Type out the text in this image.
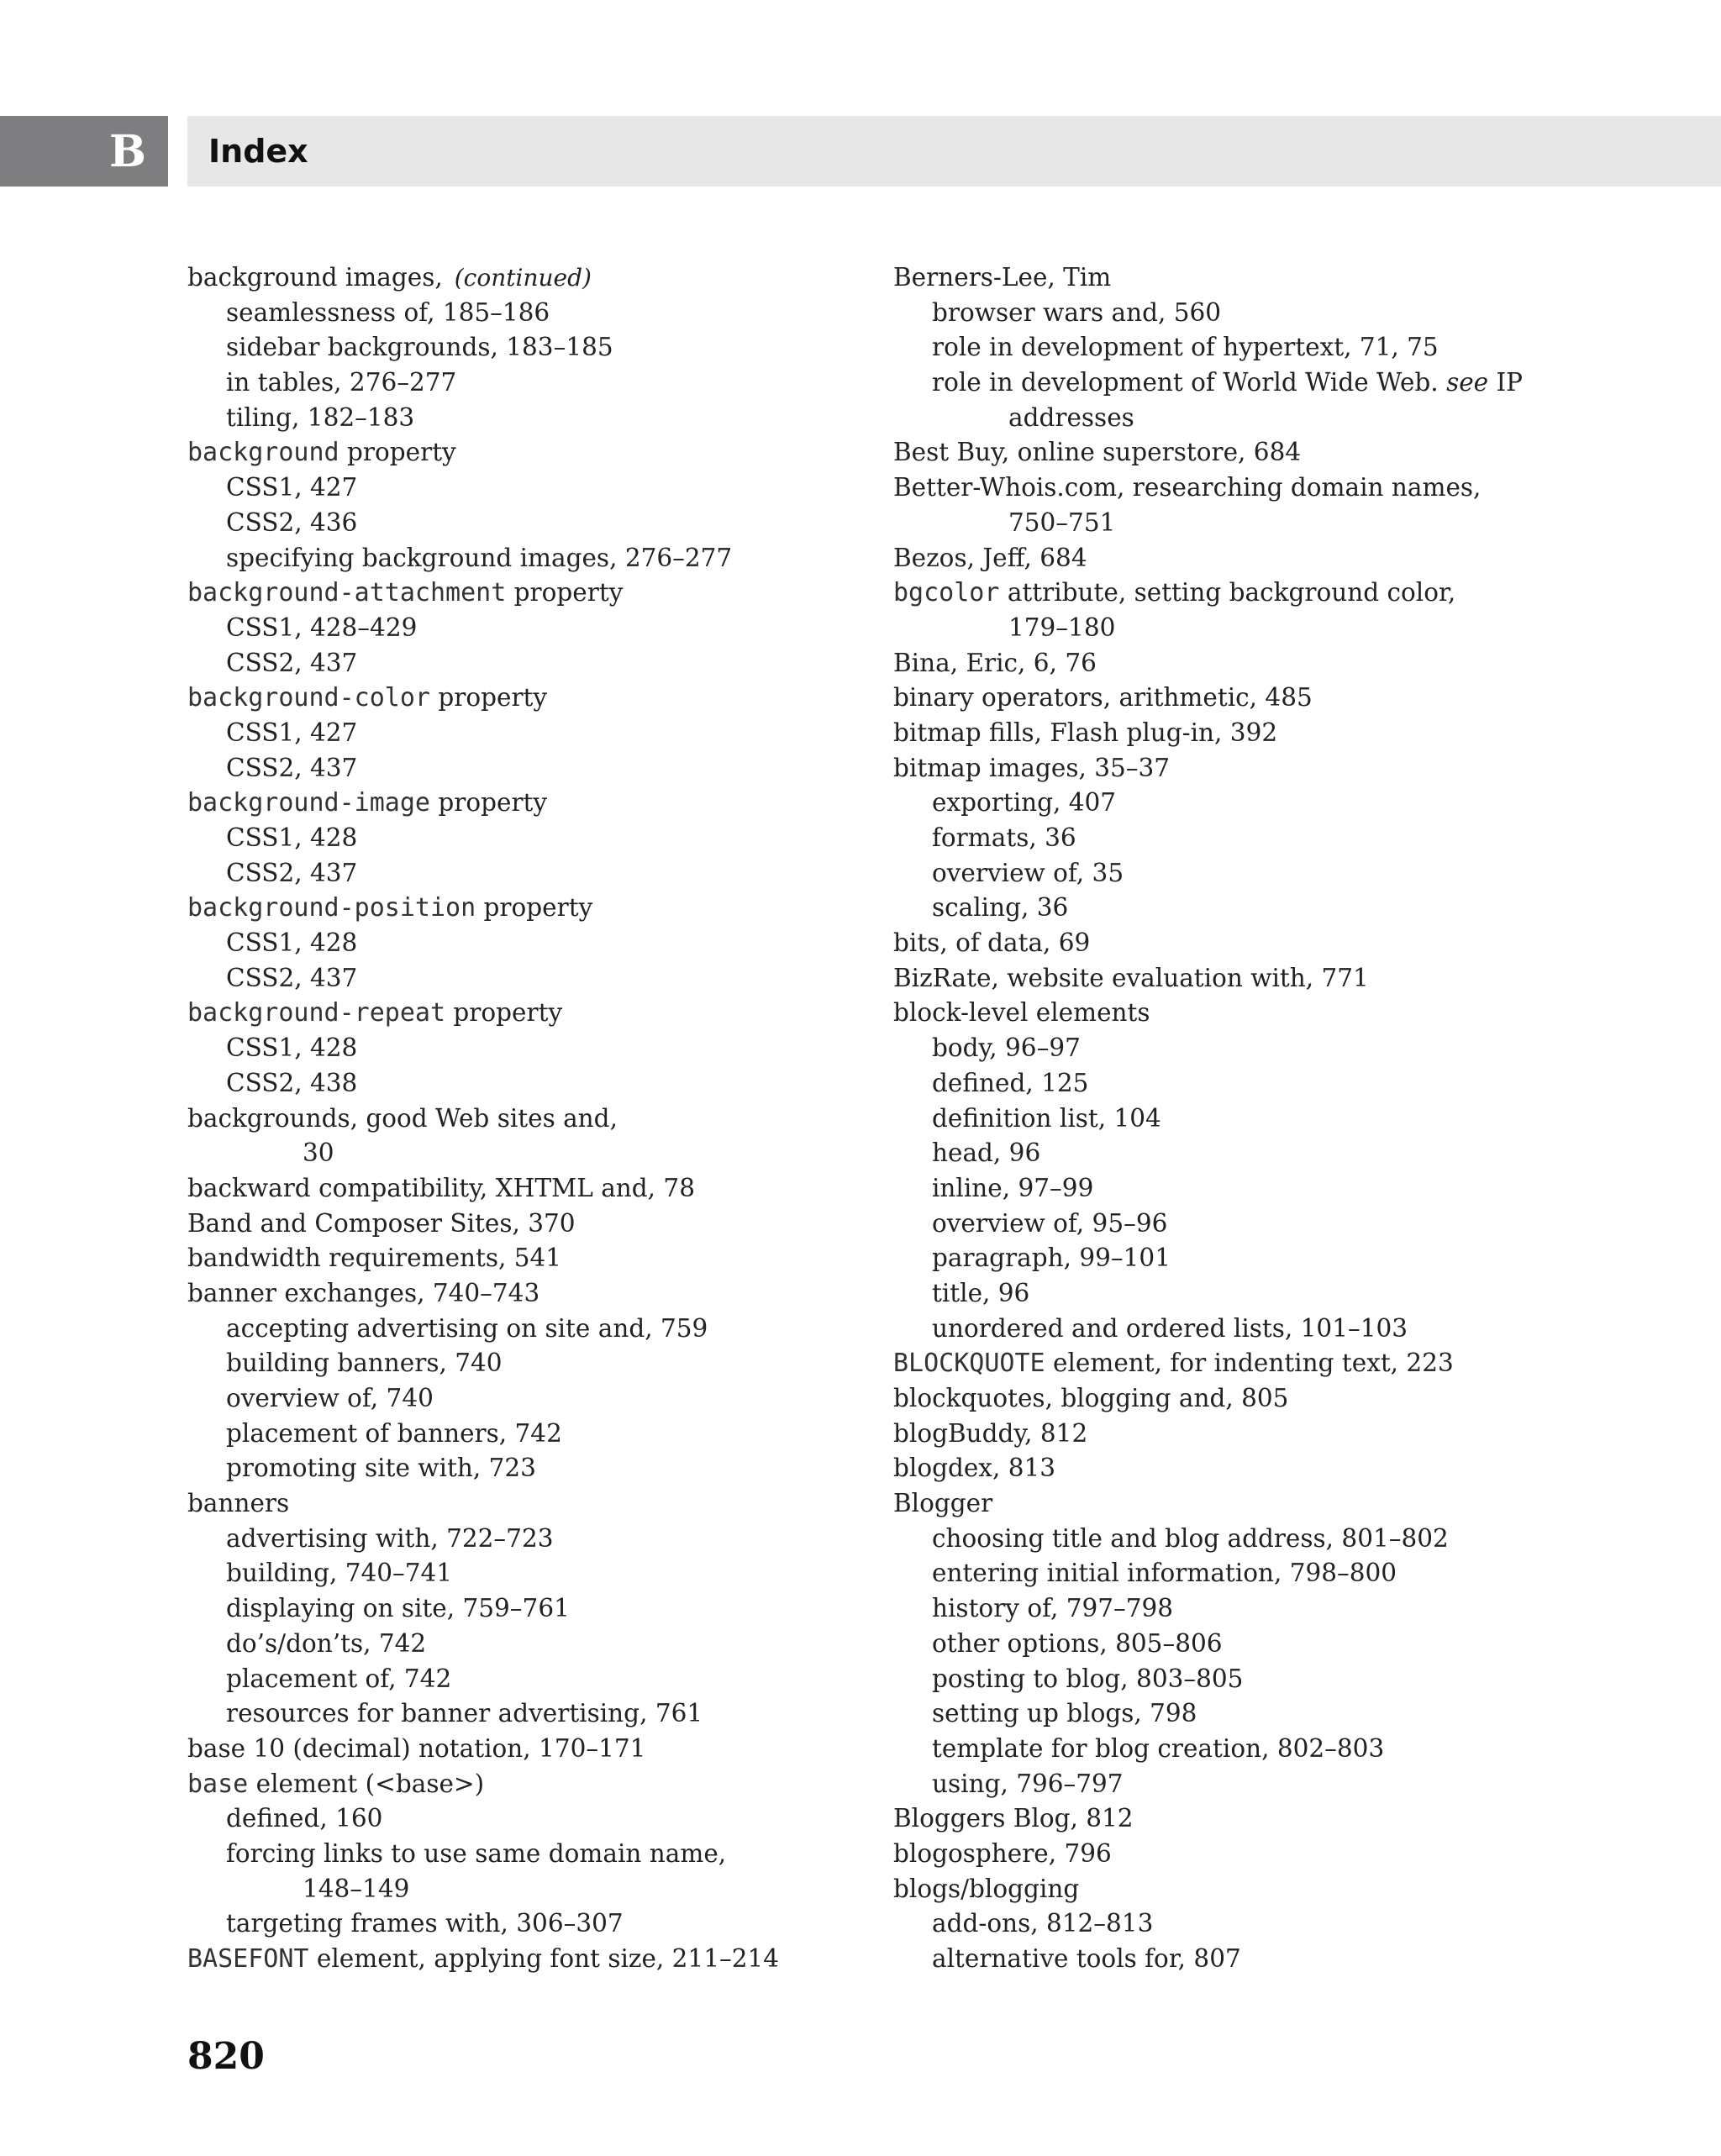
B Index
background images, (continued)
seamlessness of, 185–186
sidebar backgrounds, 183–185
in tables, 276–277
tiling, 182–183
background property
CSS1, 427
CSS2, 436
specifying background images, 276–277
background-attachment property
CSS1, 428–429
CSS2, 437
background-color property
CSS1, 427
CSS2, 437
background-image property
CSS1, 428
CSS2, 437
background-position property
CSS1, 428
CSS2, 437
background-repeat property
CSS1, 428
CSS2, 438
backgrounds, good Web sites and,
30
backward compatibility, XHTML and, 78
Band and Composer Sites, 370
bandwidth requirements, 541
banner exchanges, 740–743
accepting advertising on site and, 759
building banners, 740
overview of, 740
placement of banners, 742
promoting site with, 723
banners
advertising with, 722–723
building, 740–741
displaying on site, 759–761
do’s/don’ts, 742
placement of, 742
resources for banner advertising, 761
base 10 (decimal) notation, 170–171
base element (<base>)
defined, 160
forcing links to use same domain name,
148–149
targeting frames with, 306–307
BASEFONT element, applying font size, 211–214
Berners-Lee, Tim
browser wars and, 560
role in development of hypertext, 71, 75
role in development of World Wide Web. see IP
addresses
Best Buy, online superstore, 684
Better-Whois.com, researching domain names,
750–751
Bezos, Jeff, 684
bgcolor attribute, setting background color,
179–180
Bina, Eric, 6, 76
binary operators, arithmetic, 485
bitmap fills, Flash plug-in, 392
bitmap images, 35–37
exporting, 407
formats, 36
overview of, 35
scaling, 36
bits, of data, 69
BizRate, website evaluation with, 771
block-level elements
body, 96–97
defined, 125
definition list, 104
head, 96
inline, 97–99
overview of, 95–96
paragraph, 99–101
title, 96
unordered and ordered lists, 101–103
BLOCKQUOTE element, for indenting text, 223
blockquotes, blogging and, 805
blogBuddy, 812
blogdex, 813
Blogger
choosing title and blog address, 801–802
entering initial information, 798–800
history of, 797–798
other options, 805–806
posting to blog, 803–805
setting up blogs, 798
template for blog creation, 802–803
using, 796–797
Bloggers Blog, 812
blogosphere, 796
blogs/blogging
add-ons, 812–813
alternative tools for, 807
820
